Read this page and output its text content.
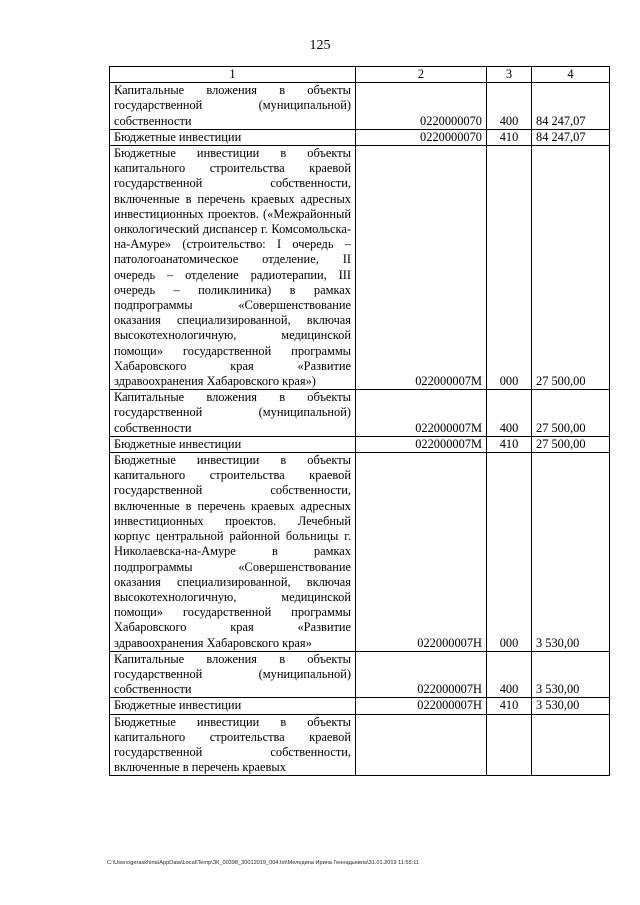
125
1	2	3	4
Капитальные вложения в объекты государственной (муниципальной) собственности	0220000070	400	84 247,07
Бюджетные инвестиции	0220000070	410	84 247,07
Бюджетные инвестиции в объекты капитального строительства краевой государственной собственности, включенные в перечень краевых адресных инвестиционных проектов. («Межрайонный онкологический диспансер г. Комсомольска-на-Амуре» (строительство: I очередь – патологоанатомическое отделение, II очередь – отделение радиотерапии, III очередь – поликлиника) в рамках подпрограммы «Совершенствование оказания специализированной, включая высокотехнологичную, медицинской помощи» государственной программы Хабаровского края «Развитие здравоохранения Хабаровского края»)	022000007M	000	27 500,00
Капитальные вложения в объекты государственной (муниципальной) собственности	022000007M	400	27 500,00
Бюджетные инвестиции	022000007M	410	27 500,00
Бюджетные инвестиции в объекты капитального строительства краевой государственной собственности, включенные в перечень краевых адресных инвестиционных проектов. Лечебный корпус центральной районной больницы г. Николаевска-на-Амуре в рамках подпрограммы «Совершенствование оказания специализированной, включая высокотехнологичную, медицинской помощи» государственной программы Хабаровского края «Развитие здравоохранения Хабаровского края»	022000007H	000	3 530,00
Капитальные вложения в объекты государственной (муниципальной) собственности	022000007H	400	3 530,00
Бюджетные инвестиции	022000007H	410	3 530,00
Бюджетные инвестиции в объекты капитального строительства краевой государственной собственности, включенные в перечень краевых			
C:\Users\geraskhina\AppData\Local\Temp\ЗК_00398_30012019_004.txt\Меледина Ирина Геннадьевна\31.01.2019 11:55:11
